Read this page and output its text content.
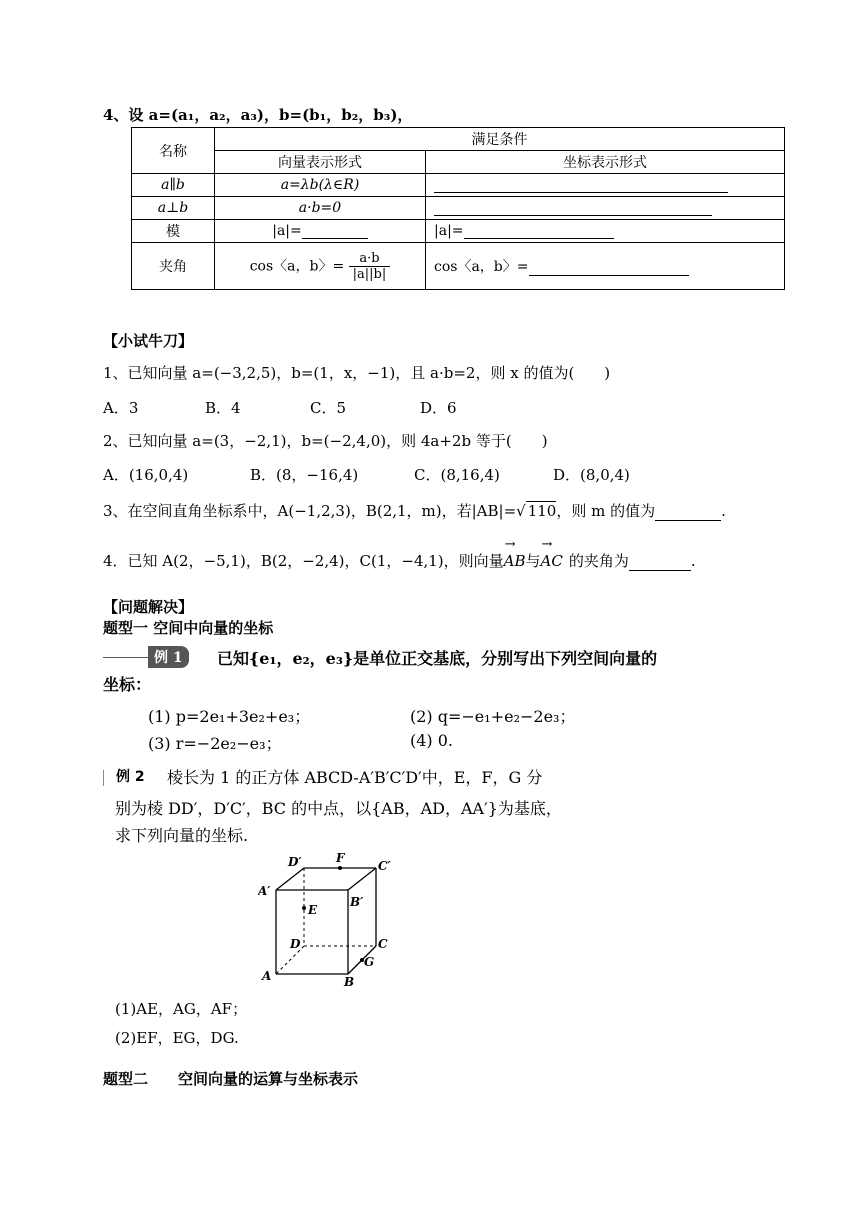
4、设 a=(a₁，a₂，a₃)，b=(b₁，b₂，b₃)，
名称	满足条件	
	向量表示形式	坐标表示形式
a∥b	a=λb(λ∈R)	
a⊥b	a·b=0	
模	|a|=	|a|=
夹角	cos〈a，b〉= $\frac{a\cdot b}{|a||b|}$	cos〈a，b〉=
【小试牛刀】
1、已知向量 a=(−3,2,5)，b=(1，x，−1)，且 a·b=2，则 x 的值为(　　)
A．3	B．4	C．5	D．6
2、已知向量 a=(3，−2,1)，b=(−2,4,0)，则 4a+2b 等于(　　)
A．(16,0,4)	B．(8，−16,4)	C．(8,16,4)	D．(8,0,4)
3、在空间直角坐标系中，A(−1,2,3)，B(2,1，m)，若|AB|=√ 110，则 m 的值为	.
4．已知 A(2，−5,1)，B(2，−2,4)，C(1，−4,1)，则向量→ AB与→ AC 的夹角为	.
【问题解决】
题型一 空间中向量的坐标
例 1	已知{e₁，e₂，e₃}是单位正交基底，分别写出下列空间向量的
坐标：
(1) p=2e₁+3e₂+e₃；	(2) q=−e₁+e₂−2e₃；
(3) r=−2e₂−e₃；	(4) 0.
例 2 棱长为 1 的正方体 ABCD-A′B′C′D′中，E，F，G 分
别为棱 DD′，D′C′，BC 的中点，以{AB，AD，AA′}为基底，
求下列向量的坐标.
D′	F
C′
A′
B′
E
D	C
G
A	B
(1)AE，AG，AF；
(2)EF，EG，DG.
题型二　　空间向量的运算与坐标表示
